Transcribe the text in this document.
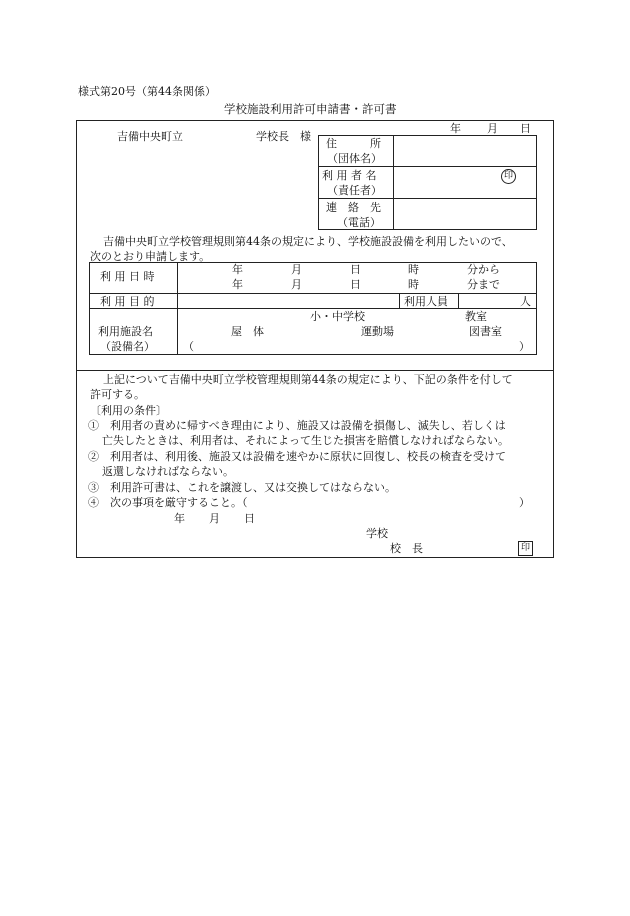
様式第20号（第44条関係）
学校施設利用許可申請書・許可書
年 月 日
吉備中央町立	学校長　様
住　　　所
（団体名）
利 用 者 名
（責任者）
印
連　絡　先
（電話）
吉備中央町立学校管理規則第44条の規定により、学校施設設備を利用したいので、
次のとおり申請します。
利 用 日 時
年	月	日	時	分から
年	月	日	時	分まで
利 用 目 的	利用人員	人
小・中学校	教室
利用施設名	屋　体	運動場	図書室
（設備名）	（	）
上記について吉備中央町立学校管理規則第44条の規定により、下記の条件を付して
許可する。
〔利用の条件〕
①　利用者の責めに帰すべき理由により、施設又は設備を損傷し、滅失し、若しくは
亡失したときは、利用者は、それによって生じた損害を賠償しなければならない。
②　利用者は、利用後、施設又は設備を速やかに原状に回復し、校長の検査を受けて
返還しなければならない。
③　利用許可書は、これを譲渡し、又は交換してはならない。
④　次の事項を厳守すること。（	）
年 月 日
学校
校　長	印
